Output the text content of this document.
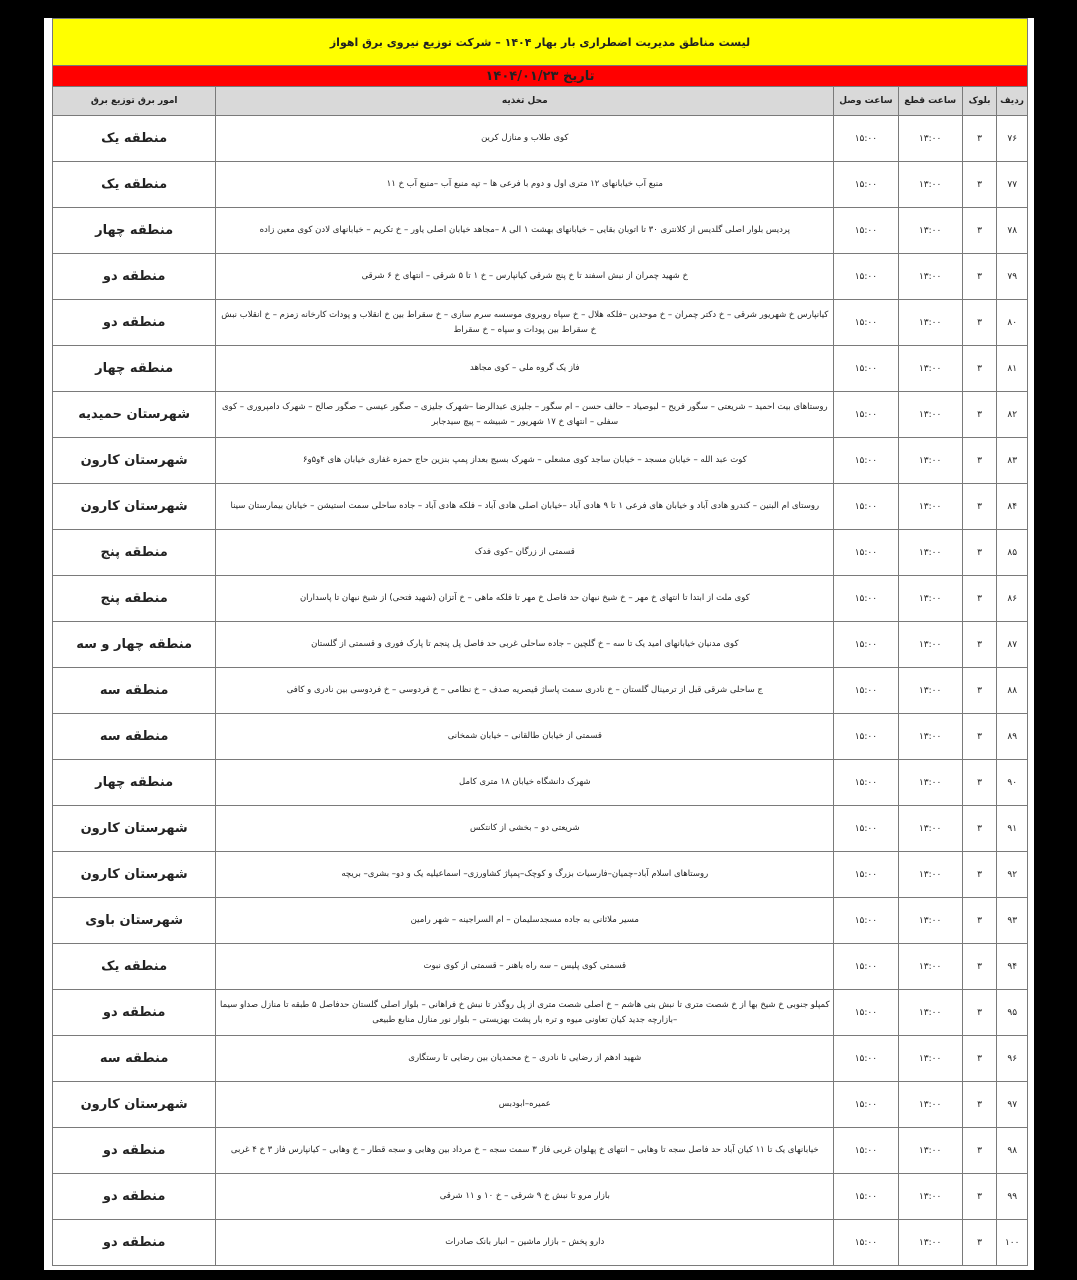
لیست مناطق مدیریت اضطراری بار بهار ۱۴۰۴ – شرکت توزیع نیروی برق اهواز					
تاریخ ۱۴۰۴/۰۱/۲۳					
ردیف	بلوک	ساعت قطع	ساعت وصل	محل تغذیه	امور برق توزیع برق
۷۶	۳	۱۳:۰۰	۱۵:۰۰	کوی طلاب و منازل کرین	منطقه یک
۷۷	۳	۱۳:۰۰	۱۵:۰۰	منبع آب خیابانهای ۱۲ متری اول و دوم با فرعی ها – تپه منبع آب –منبع آب خ ۱۱	منطقه یک
۷۸	۳	۱۳:۰۰	۱۵:۰۰	پردیس بلوار اصلی گلدیس از کلانتری ۳۰ تا اتوبان بقایی – خیابانهای بهشت ۱ الی ۸ –مجاهد خیابان اصلی یاور – خ تکریم – خیابانهای لادن کوی معین زاده	منطقه چهار
۷۹	۳	۱۳:۰۰	۱۵:۰۰	خ شهید چمران از نبش اسفند تا خ پنج شرقی کیانپارس – خ ۱ تا ۵ شرقی – انتهای خ ۶ شرقی	منطقه دو
۸۰	۳	۱۳:۰۰	۱۵:۰۰	کیانپارس خ شهریور شرقی – خ دکتر چمران – خ موحدین –فلکه هلال – خ سپاه روبروی موسسه سرم سازی – خ سقراط بین خ انقلاب و پودات کارخانه زمزم – خ انقلاب نبش خ سقراط بین پودات و سپاه – خ سقراط	منطقه دو
۸۱	۳	۱۳:۰۰	۱۵:۰۰	فاز یک گروه ملی – کوی مجاهد	منطقه چهار
۸۲	۳	۱۳:۰۰	۱۵:۰۰	روستاهای بیت احمید – شریعتی – سگور فریح – لبوصیاد – حالف حسن – ام سگور – جلیزی عبدالرضا –شهرک جلیزی – صگور عیسی – صگور صالح – شهرک دامپروری – کوی سفلی – انتهای خ ۱۷ شهریور – شبیشه – پیچ سیدجابر	شهرستان حمیدیه
۸۳	۳	۱۳:۰۰	۱۵:۰۰	کوت عبد الله – خیابان مسجد – خیابان ساجد کوی مشعلی – شهرک بسیج بعداز پمپ بنزین حاج حمزه غفاری خیابان های ۴و۵و۶	شهرستان کارون
۸۴	۳	۱۳:۰۰	۱۵:۰۰	روستای ام البنین – کندرو هادی آباد و خیابان های فرعی ۱ تا ۹ هادی آباد –خیابان اصلی هادی آباد – فلکه هادی آباد – جاده ساحلی سمت استیشن – خیابان بیمارستان سینا	شهرستان کارون
۸۵	۳	۱۳:۰۰	۱۵:۰۰	قسمتی از زرگان –کوی فدک	منطقه پنج
۸۶	۳	۱۳:۰۰	۱۵:۰۰	کوی ملت از ابتدا تا انتهای خ مهر – خ شیخ نبهان حد فاصل خ مهر تا فلکه ماهی – خ آتزان (شهید فتحی) از شیخ نبهان تا پاسداران	منطقه پنج
۸۷	۳	۱۳:۰۰	۱۵:۰۰	کوی مدنیان خیابانهای امید یک تا سه – خ گلچین – جاده ساحلی غربی حد فاصل پل پنجم تا پارک فوری و قسمتی از گلستان	منطقه چهار و سه
۸۸	۳	۱۳:۰۰	۱۵:۰۰	ج ساحلی شرقی قبل از ترمینال گلستان – خ نادری سمت پاساژ قیصریه صدف – خ نظامی – خ فردوسی – خ فردوسی بین نادری و کافی	منطقه سه
۸۹	۳	۱۳:۰۰	۱۵:۰۰	قسمتی از خیابان طالقانی – خیابان شمخانی	منطقه سه
۹۰	۳	۱۳:۰۰	۱۵:۰۰	شهرک دانشگاه خیابان ۱۸ متری کامل	منطقه چهار
۹۱	۳	۱۳:۰۰	۱۵:۰۰	شریعتی دو – بخشی از کانتکس	شهرستان کارون
۹۲	۳	۱۳:۰۰	۱۵:۰۰	روستاهای اسلام آباد–چمیان–فارسیات بزرگ و کوچک–پمپاژ کشاورزی– اسماعیلیه یک و دو– بشری– بریچه	شهرستان کارون
۹۳	۳	۱۳:۰۰	۱۵:۰۰	مسیر ملاثانی به جاده مسجدسلیمان – ام السراجینه – شهر رامین	شهرستان باوی
۹۴	۳	۱۳:۰۰	۱۵:۰۰	قسمتی کوی پلیس – سه راه باهنر – قسمتی از کوی نبوت	منطقه یک
۹۵	۳	۱۳:۰۰	۱۵:۰۰	کمپلو جنوبی خ شیخ بها از خ شصت متری تا نبش بنی هاشم – خ اصلی شصت متری از پل روگذر تا نبش خ فراهانی – بلوار اصلی گلستان حدفاصل ۵ طبقه تا منازل صداو سیما –بازارچه جدید کیان تعاونی میوه و تره بار پشت بهزیستی – بلوار نور منازل منابع طبیعی	منطقه دو
۹۶	۳	۱۳:۰۰	۱۵:۰۰	شهید ادهم از رضایی تا نادری – خ محمدیان بین رضایی تا رستگاری	منطقه سه
۹۷	۳	۱۳:۰۰	۱۵:۰۰	عمیره–ابودبس	شهرستان کارون
۹۸	۳	۱۳:۰۰	۱۵:۰۰	خیابانهای یک تا ۱۱ کیان آباد حد فاصل سجه تا وهابی – انتهای خ پهلوان غربی فاز ۳ سمت سجه – خ مرداد بین وهابی و سجه قطار – خ وهابی – کیانپارس فاز ۳ خ ۴ غربی	منطقه دو
۹۹	۳	۱۳:۰۰	۱۵:۰۰	بازار مرو تا نبش خ ۹ شرقی – خ ۱۰ و ۱۱ شرقی	منطقه دو
۱۰۰	۳	۱۳:۰۰	۱۵:۰۰	دارو پخش – بازار ماشین – انبار بانک صادرات	منطقه دو
